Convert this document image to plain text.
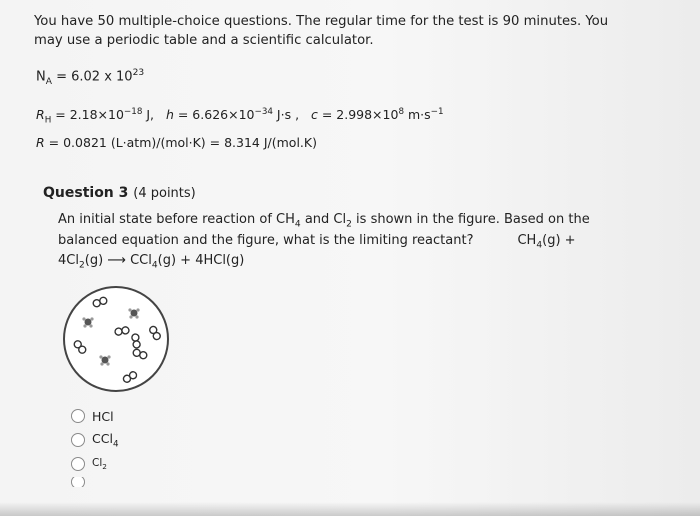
You have 50 multiple-choice questions. The regular time for the test is 90 minutes. You
may use a periodic table and a scientific calculator.
$N_A = 6.02$ x $10^{23}$
$R_H = 2.18\times 10^{-18}$ J, $h = 6.626\times 10^{-34}$ J·s , $c = 2.998\times 10^8$ $m\cdot s^{-1}$
R = 0.0821 (L·atm)/(mol·K) = 8.314 J/(mol.K)
Question 3 (4 points)
An initial state before reaction of $CH_4$ and $Cl_2$ is shown in the figure. Based on the
balanced equation and the figure, what is the limiting reactant?	$CH_4(g)$ +
$4Cl_2(g)$ ⟶ CCl$_4$(g) + 4HCl(g)
HCl
CCl$_4$
$Cl_2$
